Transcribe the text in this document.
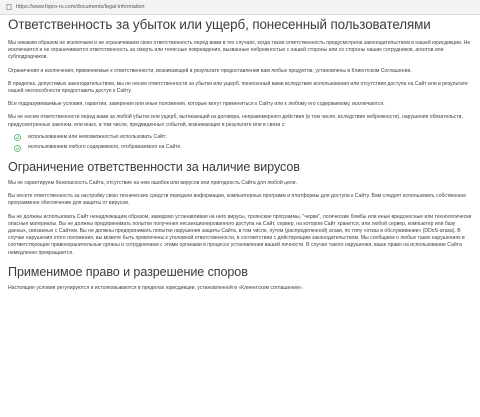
https://www.fxpro-ru.com/documents/legal-information
Ответственность за убыток или ущерб, понесенный пользователями

Мы никаким образом не исключаем и не ограничиваем свою ответственность перед вами в тех случаях, когда такая ответственность предусмотрена законодательством в нашей юрисдикции. Не исключается и не ограничивается ответственность за смерть или телесные повреждения, вызванные небрежностью с нашей стороны или со стороны наших сотрудников, агентов или субподрядчиков.

Ограничения и исключения, применяемые к ответственности, возникающей в результате предоставления вам любых продуктов, установлены в Клиентском Соглашении.

В пределах, допустимых законодательством, мы не несем ответственности за убытки или ущерб, понесенный вами вследствие использования или отсутствия доступа на Сайт или в результате нашей неспособности предоставить доступ к Сайту.

Все подразумеваемые условия, гарантии, заверения или иные положения, которые могут применяться к Сайту или к любому его содержимому, исключаются.

Мы не несем ответственности перед вами за любой убыток или ущерб, вытекающий из договора, неправомерного действия (в том числе, вследствие небрежности), нарушения обязательств, предусмотренных законом, или иных, в том числе, предвиденных событий, возникающих в результате или в связи с:

использованием или невозможностью использовать Сайт;
использованием любого содержимого, отображаемого на Сайте.
Ограничение ответственности за наличие вирусов

Мы не гарантируем безопасность Сайта, отсутствие на нем ошибок или вирусов или пригодность Сайта для любой цели.

Вы несете ответственность за настройку свою технических средств передачи информации, компьютерных программ и платформы для доступа к Сайту. Вам следует использовать собственное программное обеспечение для защиты от вирусов.

Вы не должны использовать Сайт ненадлежащим образом, заведомо устанавливая на него вирусы, троянские программы, "черви", логические бомбы или иные вредоносные или технологически опасные материалы. Вы не должны предпринимать попытки получения несанкционированного доступа на Сайт, сервер, на котором Сайт хранится, или любой сервер, компьютер или базу данных, связанных с Сайтом. Вы не должны предпринимать попытки нарушения защиты Сайта, в том числе, путем (распределенной) атаки, по типу «отказ в обслуживании» (DDoS-атака). В случае нарушения этого положения, вы можете быть привлечены к уголовной ответственности, в соответствии с действующим законодательством. Мы сообщаем о любых таких нарушениях в соответствующие правоохранительные органы и сотрудничаем с этими органами в процессе установления вашей личности. В случае такого нарушения, ваше право на использование Сайта немедленно прекращается.

Применимое право и разрешение споров

Настоящие условия регулируются и истолковываются в пределах юрисдикции, установленной в «Клиентском соглашении».
